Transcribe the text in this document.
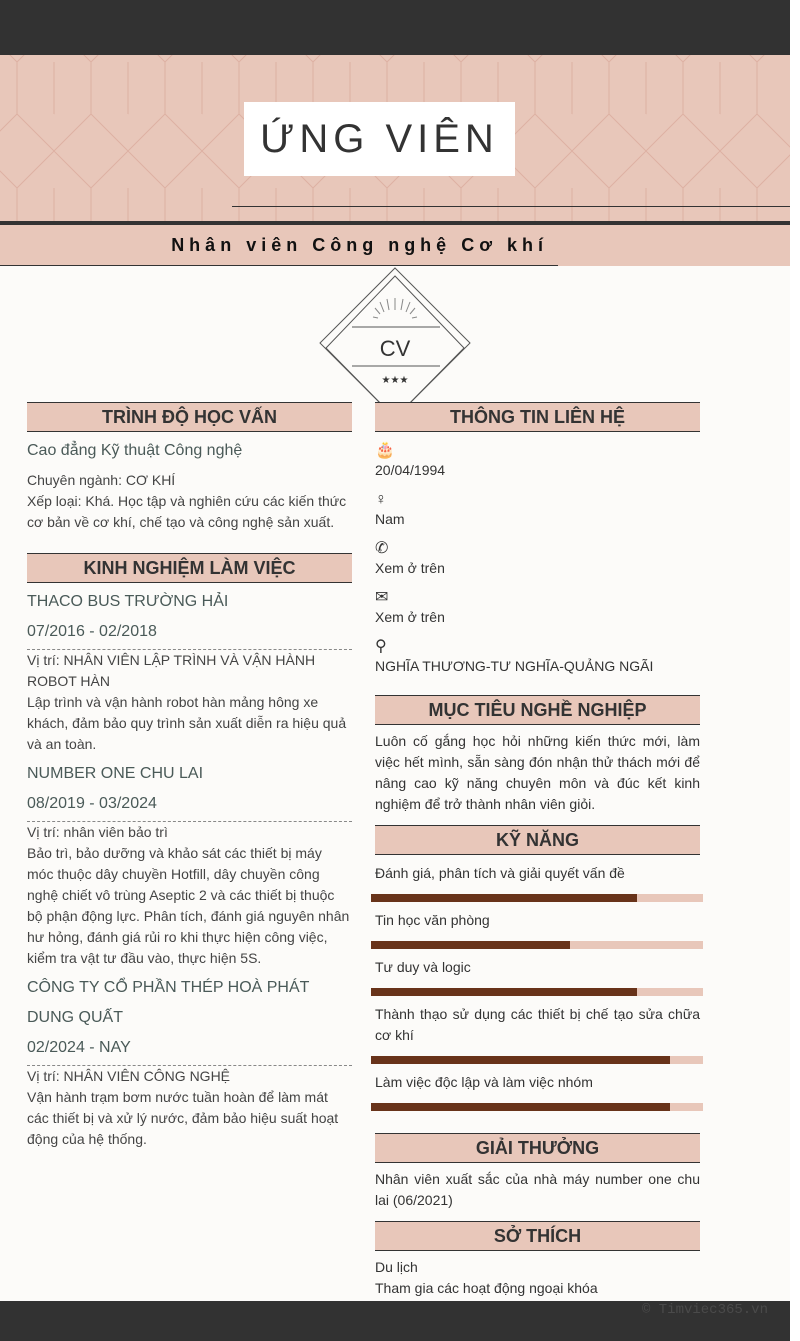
ỨNG VIÊN
Nhân viên Công nghệ Cơ khí
CV
★★★
TRÌNH ĐỘ HỌC VẤN
Cao đẳng Kỹ thuật Công nghệ
Chuyên ngành: CƠ KHÍ
Xếp loại: Khá. Học tập và nghiên cứu các kiến thức cơ bản về cơ khí, chế tạo và công nghệ sản xuất.
KINH NGHIỆM LÀM VIỆC
THACO BUS TRƯỜNG HẢI
07/2016 - 02/2018
Vị trí: NHÂN VIÊN LẬP TRÌNH VÀ VẬN HÀNH ROBOT HÀN
Lập trình và vận hành robot hàn mảng hông xe khách, đảm bảo quy trình sản xuất diễn ra hiệu quả và an toàn.
NUMBER ONE CHU LAI
08/2019 - 03/2024
Vị trí: nhân viên bảo trì
Bảo trì, bảo dưỡng và khảo sát các thiết bị máy móc thuộc dây chuyền Hotfill, dây chuyền công nghệ chiết vô trùng Aseptic 2 và các thiết bị thuộc bộ phận động lực. Phân tích, đánh giá nguyên nhân hư hỏng, đánh giá rủi ro khi thực hiện công việc, kiểm tra vật tư đầu vào, thực hiện 5S.
CÔNG TY CỔ PHẦN THÉP HOÀ PHÁT DUNG QUẤT
02/2024 - NAY
Vị trí: NHÂN VIÊN CÔNG NGHỆ
Vận hành trạm bơm nước tuần hoàn để làm mát các thiết bị và xử lý nước, đảm bảo hiệu suất hoạt động của hệ thống.
THÔNG TIN LIÊN HỆ
🎂
20/04/1994
♀
Nam
✆
Xem ở trên
✉
Xem ở trên
⚲
NGHĨA THƯƠNG-TƯ NGHĨA-QUẢNG NGÃI
MỤC TIÊU NGHỀ NGHIỆP
Luôn cố gắng học hỏi những kiến thức mới, làm việc hết mình, sẵn sàng đón nhận thử thách mới để nâng cao kỹ năng chuyên môn và đúc kết kinh nghiệm để trở thành nhân viên giỏi.
KỸ NĂNG
Đánh giá, phân tích và giải quyết vấn đề
Tin học văn phòng
Tư duy và logic
Thành thạo sử dụng các thiết bị chế tạo sửa chữa cơ khí
Làm việc độc lập và làm việc nhóm
GIẢI THƯỞNG
Nhân viên xuất sắc của nhà máy number one chu lai (06/2021)
SỞ THÍCH
Du lịch
Tham gia các hoạt động ngoại khóa
© Timviec365.vn
